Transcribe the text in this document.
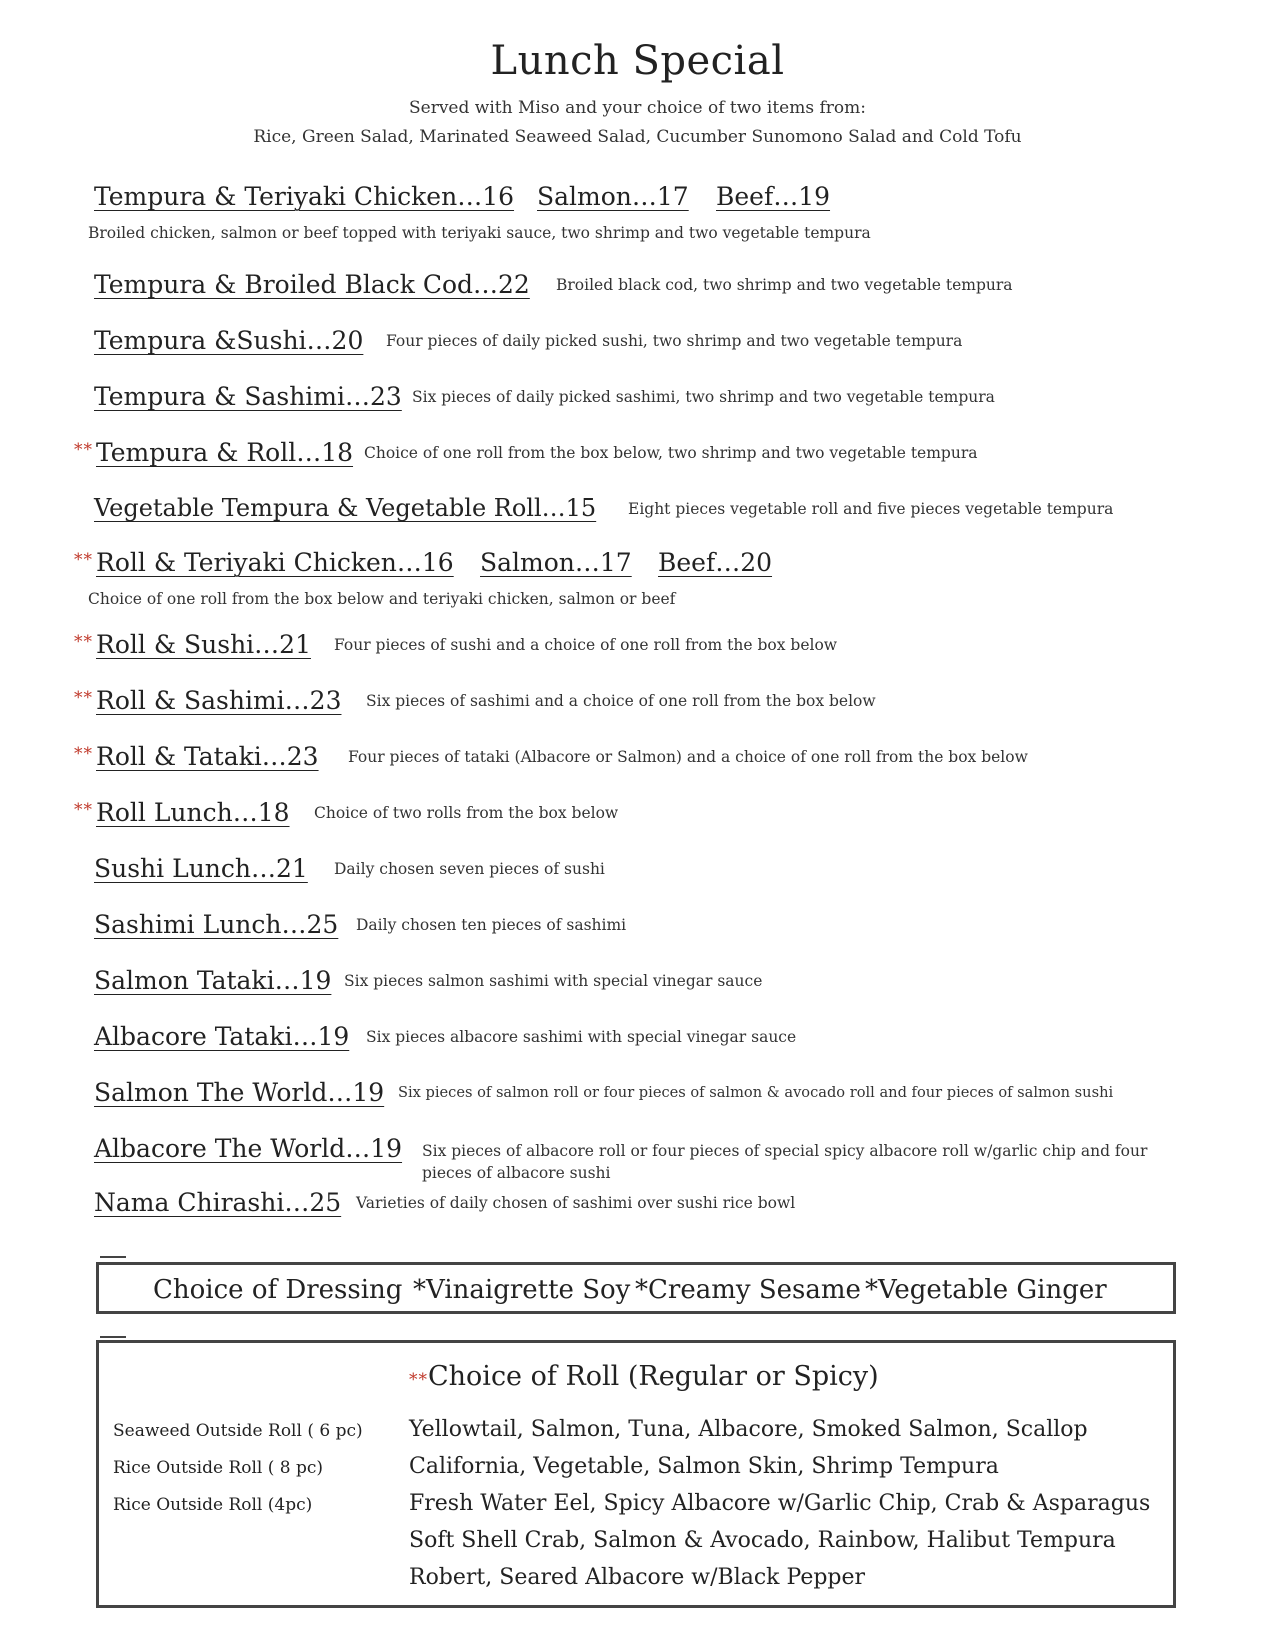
Lunch Special
Served with Miso and your choice of two items from:
Rice, Green Salad, Marinated Seaweed Salad, Cucumber Sunomono Salad and Cold Tofu
Tempura & Teriyaki Chicken…16 Salmon…17 Beef…19
Broiled chicken, salmon or beef topped with teriyaki sauce, two shrimp and two vegetable tempura
Tempura & Broiled Black Cod…22 Broiled black cod, two shrimp and two vegetable tempura
Tempura &Sushi…20 Four pieces of daily picked sushi, two shrimp and two vegetable tempura
Tempura & Sashimi…23 Six pieces of daily picked sashimi, two shrimp and two vegetable tempura
** Tempura & Roll…18 Choice of one roll from the box below, two shrimp and two vegetable tempura
Vegetable Tempura & Vegetable Roll…15 Eight pieces vegetable roll and five pieces vegetable tempura
** Roll & Teriyaki Chicken…16 Salmon…17 Beef…20
Choice of one roll from the box below and teriyaki chicken, salmon or beef
** Roll & Sushi…21 Four pieces of sushi and a choice of one roll from the box below
** Roll & Sashimi…23 Six pieces of sashimi and a choice of one roll from the box below
** Roll & Tataki…23 Four pieces of tataki (Albacore or Salmon) and a choice of one roll from the box below
** Roll Lunch…18 Choice of two rolls from the box below
Sushi Lunch…21 Daily chosen seven pieces of sushi
Sashimi Lunch…25 Daily chosen ten pieces of sashimi
Salmon Tataki…19 Six pieces salmon sashimi with special vinegar sauce
Albacore Tataki…19 Six pieces albacore sashimi with special vinegar sauce
Salmon The World…19 Six pieces of salmon roll or four pieces of salmon & avocado roll and four pieces of salmon sushi
Albacore The World…19 Six pieces of albacore roll or four pieces of special spicy albacore roll w/garlic chip and four pieces of albacore sushi
Nama Chirashi…25 Varieties of daily chosen of sashimi over sushi rice bowl
Choice of Dressing *Vinaigrette Soy *Creamy Sesame *Vegetable Ginger
**Choice of Roll (Regular or Spicy)
Seaweed Outside Roll ( 6 pc)
Rice Outside Roll ( 8 pc)
Rice Outside Roll (4pc)
Yellowtail, Salmon, Tuna, Albacore, Smoked Salmon, Scallop
California, Vegetable, Salmon Skin, Shrimp Tempura
Fresh Water Eel, Spicy Albacore w/Garlic Chip, Crab & Asparagus
Soft Shell Crab, Salmon & Avocado, Rainbow, Halibut Tempura
Robert, Seared Albacore w/Black Pepper
